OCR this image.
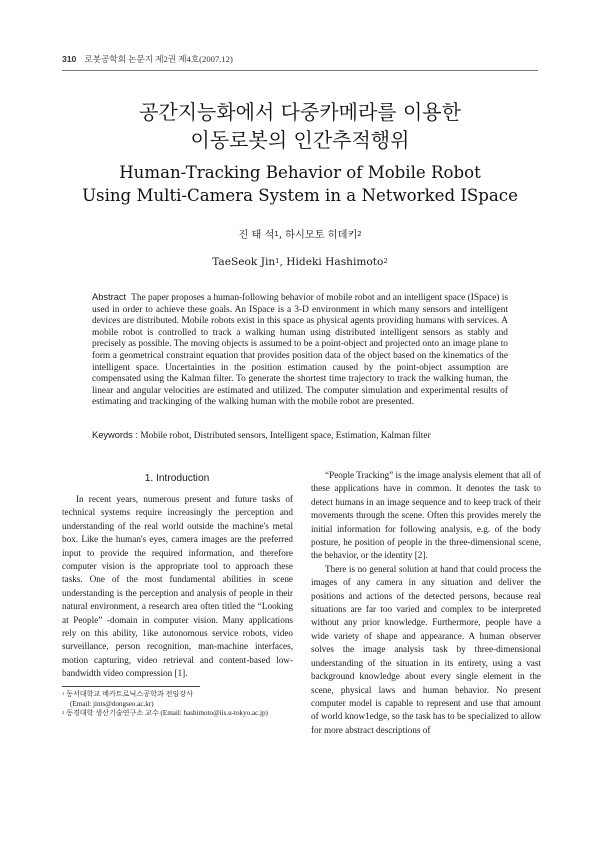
310 로봇공학회 논문지 제2권 제4호(2007.12)
공간지능화에서 다중카메라를 이용한
이동로봇의 인간추적행위
Human-Tracking Behavior of Mobile Robot
Using Multi-Camera System in a Networked ISpace
진 태 석$^1$, 하시모토 히데키$^2$
TaeSeok Jin$^1$, Hideki Hashimoto$^2$
Abstract The paper proposes a human-following behavior of mobile robot and an intelligent space (ISpace) is used in order to achieve these goals. An ISpace is a 3-D environment in which many sensors and intelligent devices are distributed. Mobile robots exist in this space as physical agents providing humans with services. A mobile robot is controlled to track a walking human using distributed intelligent sensors as stably and precisely as possible. The moving objects is assumed to be a point-object and projected onto an image plane to form a geometrical constraint equation that provides position data of the object based on the kinematics of the intelligent space. Uncertainties in the position estimation caused by the point-object assumption are compensated using the Kalman filter. To generate the shortest time trajectory to track the walking human, the linear and angular velocities are estimated and utilized. The computer simulation and experimental results of estimating and trackinging of the walking human with the mobile robot are presented.
Keywords : Mobile robot, Distributed sensors, Intelligent space, Estimation, Kalman filter
1. Introduction

In recent years, numerous present and future tasks of technical systems require increasingly the perception and understanding of the real world outside the machine's metal box. Like the human's eyes, camera images are the preferred input to provide the required information, and therefore computer vision is the appropriate tool to approach these tasks. One of the most fundamental abilities in scene understanding is the perception and analysis of people in their natural environment, a research area often titled the “Looking at People” -domain in computer vision. Many applications rely on this ability, 1ike autonomous service robots, video surveillance, person recognition, man-machine interfaces, motion capturing, video retrieval and content-based low-bandwidth video compression [1].

“People Tracking” is the image analysis element that all of these applications have in common. It denotes the task to detect humans in an image sequence and to keep track of their movements through the scene. Often this provides merely the initial information for following analysis, e.g. of the body posture, he position of people in the three-dimensional scene, the behavior, or the identity [2].

There is no general solution at hand that could process the images of any camera in any situation and deliver the positions and actions of the detected persons, because real situations are far too varied and complex to be interpreted without any prior knowledge. Furthermore, people have a wide variety of shape and appearance. A human observer solves the image analysis task by three-dimensional understanding of the situation in its entirety, using a vast background knowledge about every single element in the scene, physical laws and human behavior. No present computer model is capable to represent and use that amount of world know1edge, so the task has to be specialized to allow for more abstract descriptions of

$^1$ 동서대학교 메카트로닉스공학과 전임강사
(Email: jints@dongseo.ac.kr)
$^2$ 동경대학 생산기술연구소 교수 (Email: hashimoto@iis.u-tokyo.ac.jp)
